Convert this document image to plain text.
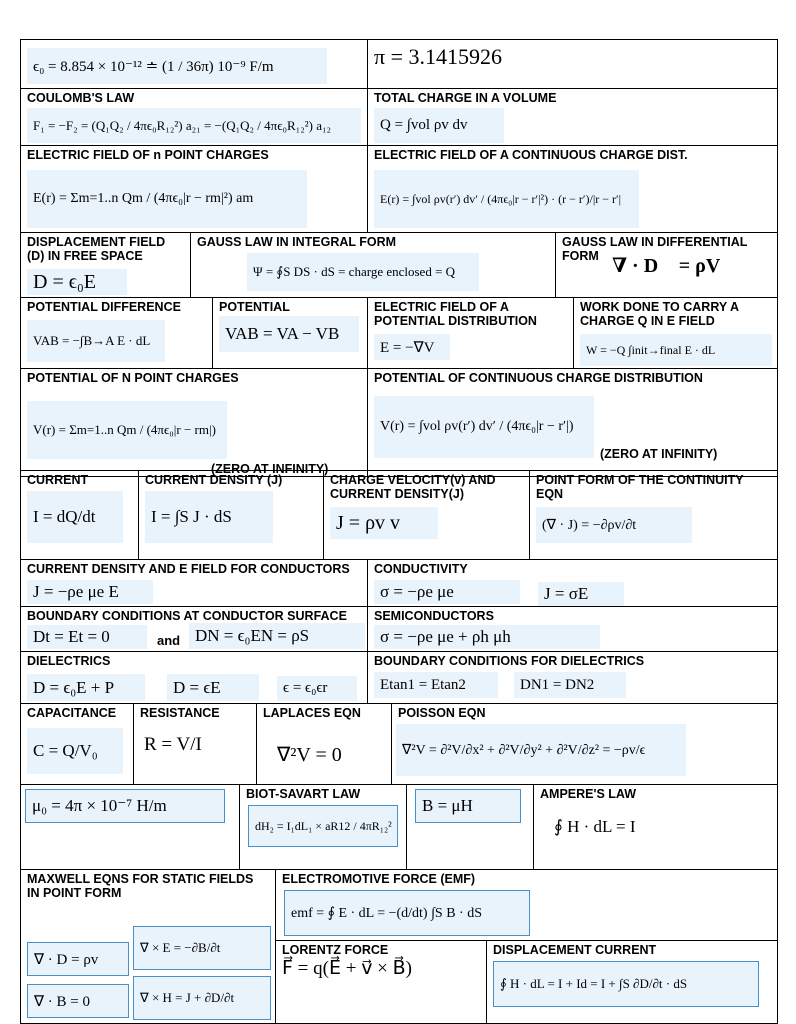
ϵ₀ = 8.854 × 10⁻¹² ≐ (1 / 36π) 10⁻⁹ F/m	π = 3.1415926
COULOMB'S LAW
F₁ = −F₂ = (Q₁Q₂ / 4πϵ₀R₁₂²) a₂₁ = −(Q₁Q₂ / 4πϵ₀R₁₂²) a₁₂
TOTAL CHARGE IN A VOLUME
Q = ∫vol ρv dv
ELECTRIC FIELD OF n POINT CHARGES
E(r) = Σm=1..n Qm / (4πϵ₀|r − rm|²) am
ELECTRIC FIELD OF A CONTINUOUS CHARGE DIST.
E(r) = ∫vol ρv(r′) dv′ / (4πϵ₀|r − r′|²) · (r − r′)/|r − r′|
DISPLACEMENT FIELD
(D) IN FREE SPACE
D = ϵ₀E
GAUSS LAW IN INTEGRAL FORM
Ψ = ∮S DS · dS = charge enclosed = Q
GAUSS LAW IN DIFFERENTIAL FORM ∇ · D⃗ = ρV
POTENTIAL DIFFERENCE
VAB = −∫B→A E · dL
POTENTIAL
VAB = VA − VB
ELECTRIC FIELD OF A
POTENTIAL DISTRIBUTION
E = −∇V
WORK DONE TO CARRY A
CHARGE Q IN E FIELD
W = −Q ∫init→final E · dL
POTENTIAL OF N POINT CHARGES
V(r) = Σm=1..n Qm / (4πϵ₀|r − rm|)
(ZERO AT INFINITY)
POTENTIAL OF CONTINUOUS CHARGE DISTRIBUTION
V(r) = ∫vol ρv(r′) dv′ / (4πϵ₀|r − r′|)
(ZERO AT INFINITY)
CURRENT
I = dQ/dt
CURRENT DENSITY (J)
I = ∫S J · dS
CHARGE VELOCITY(v) AND
CURRENT DENSITY(J)
J = ρv v
POINT FORM OF THE CONTINUITY
EQN
(∇ · J) = −∂ρv/∂t
CURRENT DENSITY AND E FIELD FOR CONDUCTORS
J = −ρe μe E
CONDUCTIVITY
σ = −ρe μe	J = σE
BOUNDARY CONDITIONS AT CONDUCTOR SURFACE
Dt = Et = 0	and DN = ϵ₀EN = ρS
SEMICONDUCTORS
σ = −ρe μe + ρh μh
DIELECTRICS
D = ϵ₀E + P	D = ϵE	ϵ = ϵ₀ϵr
BOUNDARY CONDITIONS FOR DIELECTRICS
Etan1 = Etan2	DN1 = DN2
CAPACITANCE
C = Q/V₀
RESISTANCE
R = V/I
LAPLACES EQN
∇²V = 0
POISSON EQN
∇²V = ∂²V/∂x² + ∂²V/∂y² + ∂²V/∂z² = −ρv/ϵ
μ₀ = 4π × 10⁻⁷ H/m
BIOT-SAVART LAW
dH₂ = I₁dL₁ × aR12 / 4πR₁₂²
B = μH
AMPERE'S LAW
∮ H · dL = I
MAXWELL EQNS FOR STATIC FIELDS
IN POINT FORM
∇ · D = ρv
∇ × E = −∂B/∂t
∇ · B = 0	∇ × H = J + ∂D/∂t
ELECTROMOTIVE FORCE (EMF)
emf = ∮ E · dL = −(d/dt) ∫S B · dS
LORENTZ FORCE
F⃗ = q(E⃗ + v⃗ × B⃗)
DISPLACEMENT CURRENT
∮ H · dL = I + Id = I + ∫S ∂D/∂t · dS
